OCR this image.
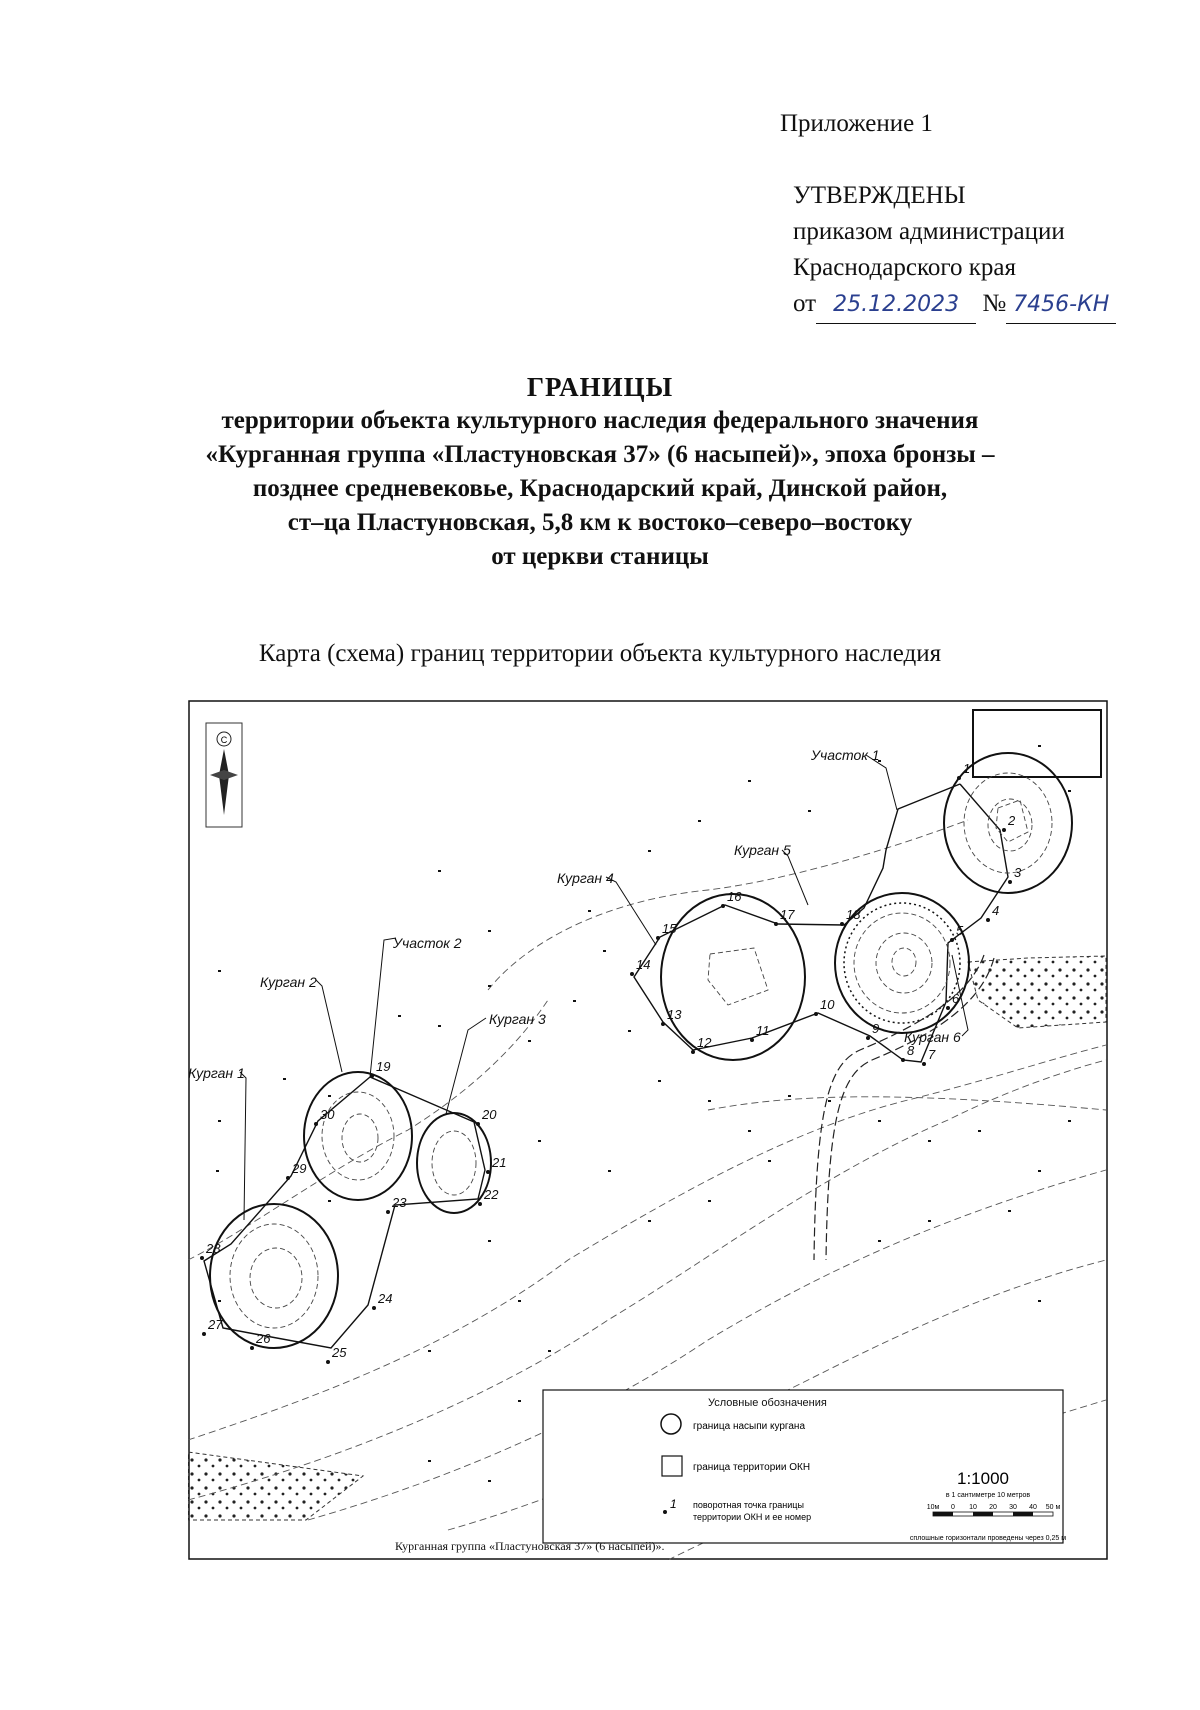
Приложение 1
УТВЕРЖДЕНЫ
приказом администрации
Краснодарского края
от 25.12.2023 № 7456-КН
ГРАНИЦЫ
территории объекта культурного наследия федерального значения
«Курганная группа «Пластуновская 37» (6 насыпей)», эпоха бронзы –
позднее средневековье, Краснодарский край, Динской район,
ст–ца Пластуновская, 5,8 км к востоко–северо–востоку
от церкви станицы
Карта (схема) границ территории объекта культурного наследия
С
1
2
3
4
5
6
7
8
9
10
11
12
13
14
15
16
17	18
19
20
21
22
23
24
25
26
27
28
29
30
Участок 1
Участок 2
Курган 1
Курган 2
Курган 3
Курган 4
Курган 5
Курган 6
Условные обозначения
граница насыпи кургана
граница территории ОКН
1 поворотная точка границы
территории ОКН и ее номер
1:1000
в 1 сантиметре 10 метров
10м 0 10 20 30 40 50 м
сплошные горизонтали проведены через 0,25 м
Курганная группа «Пластуновская 37» (6 насыпей)».
